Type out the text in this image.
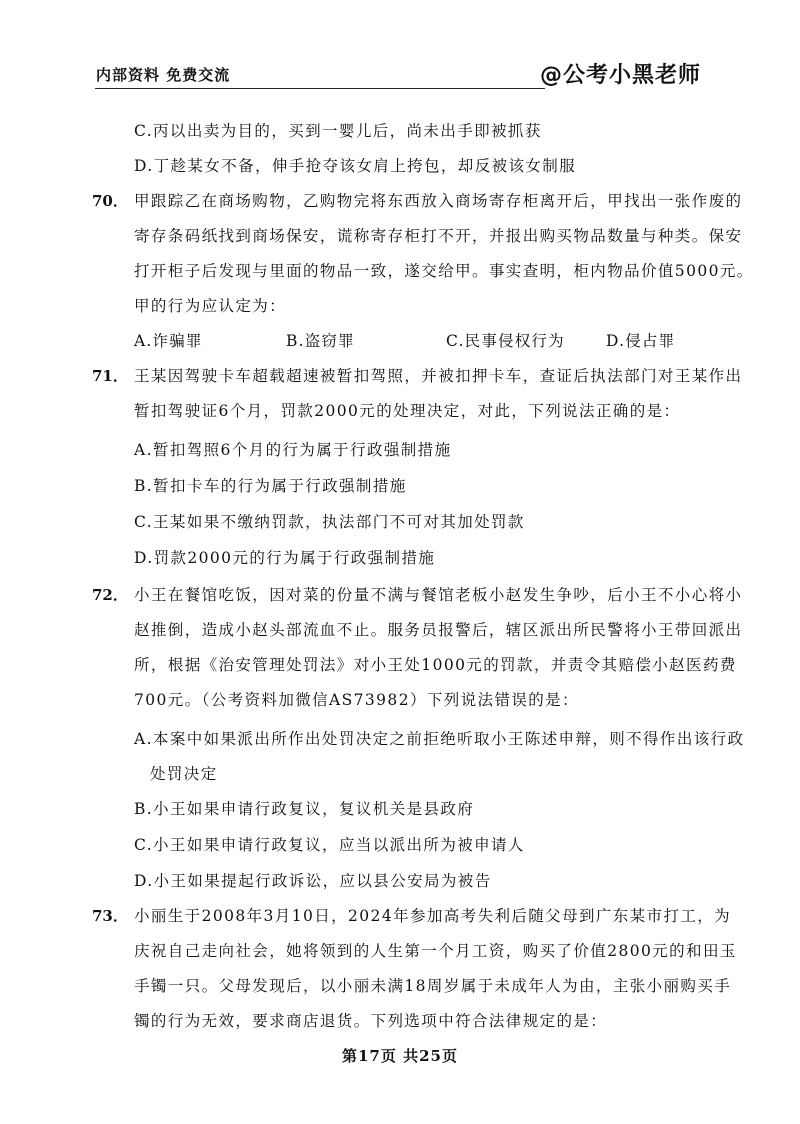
内部资料 免费交流	@公考小黑老师
C.丙以出卖为目的，买到一婴儿后，尚未出手即被抓获
D.丁趁某女不备，伸手抢夺该女肩上挎包，却反被该女制服
70． 甲跟踪乙在商场购物，乙购物完将东西放入商场寄存柜离开后，甲找出一张作废的
寄存条码纸找到商场保安，谎称寄存柜打不开，并报出购买物品数量与种类。保安
打开柜子后发现与里面的物品一致，遂交给甲。事实查明，柜内物品价值5000元。
甲的行为应认定为：
A.诈骗罪	B.盗窃罪	C.民事侵权行为	D.侵占罪
71． 王某因驾驶卡车超载超速被暂扣驾照，并被扣押卡车，查证后执法部门对王某作出
暂扣驾驶证6个月，罚款2000元的处理决定，对此，下列说法正确的是：
A.暂扣驾照6个月的行为属于行政强制措施
B.暂扣卡车的行为属于行政强制措施
C.王某如果不缴纳罚款，执法部门不可对其加处罚款
D.罚款2000元的行为属于行政强制措施
72． 小王在餐馆吃饭，因对菜的份量不满与餐馆老板小赵发生争吵，后小王不小心将小
赵推倒，造成小赵头部流血不止。服务员报警后，辖区派出所民警将小王带回派出
所，根据《治安管理处罚法》对小王处1000元的罚款，并责令其赔偿小赵医药费
700元。（公考资料加微信AS73982）下列说法错误的是：
A.本案中如果派出所作出处罚决定之前拒绝听取小王陈述申辩，则不得作出该行政
处罚决定
B.小王如果申请行政复议，复议机关是县政府
C.小王如果申请行政复议，应当以派出所为被申请人
D.小王如果提起行政诉讼，应以县公安局为被告
73． 小丽生于2008年3月10日，2024年参加高考失利后随父母到广东某市打工，为
庆祝自己走向社会，她将领到的人生第一个月工资，购买了价值2800元的和田玉
手镯一只。父母发现后，以小丽未满18周岁属于未成年人为由，主张小丽购买手
镯的行为无效，要求商店退货。下列选项中符合法律规定的是：
第17页 共25页
